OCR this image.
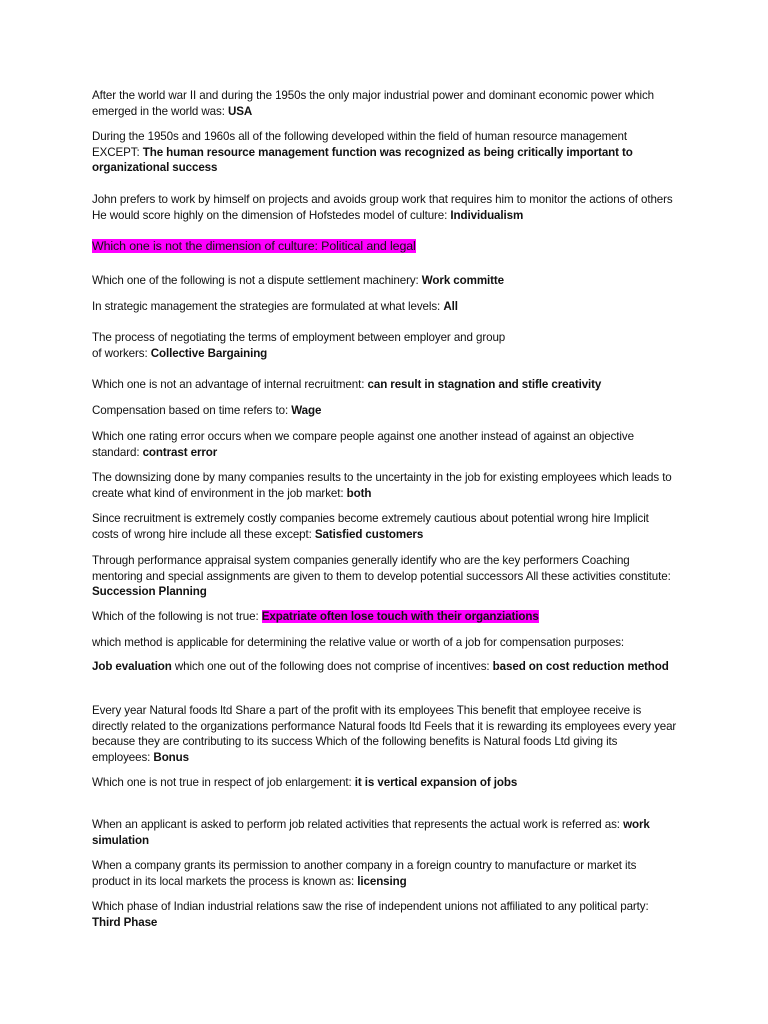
After the world war II and during the 1950s the only major industrial power and dominant economic power which emerged in the world was: USA

During the 1950s and 1960s all of the following developed within the field of human resource management EXCEPT: The human resource management function was recognized as being critically important to organizational success

John prefers to work by himself on projects and avoids group work that requires him to monitor the actions of others He would score highly on the dimension of Hofstedes model of culture: Individualism

Which one is not the dimension of culture: Political and legal

Which one of the following is not a dispute settlement machinery: Work committe

In strategic management the strategies are formulated at what levels: All

The process of negotiating the terms of employment between employer and group
of workers: Collective Bargaining

Which one is not an advantage of internal recruitment: can result in stagnation and stifle creativity

Compensation based on time refers to: Wage

Which one rating error occurs when we compare people against one another instead of against an objective standard: contrast error

The downsizing done by many companies results to the uncertainty in the job for existing employees which leads to create what kind of environment in the job market: both

Since recruitment is extremely costly companies become extremely cautious about potential wrong hire Implicit costs of wrong hire include all these except: Satisfied customers

Through performance appraisal system companies generally identify who are the key performers Coaching mentoring and special assignments are given to them to develop potential successors All these activities constitute: Succession Planning

Which of the following is not true: Expatriate often lose touch with their organziations

which method is applicable for determining the relative value or worth of a job for compensation purposes:

Job evaluation which one out of the following does not comprise of incentives: based on cost reduction method

Every year Natural foods ltd Share a part of the profit with its employees This benefit that employee receive is directly related to the organizations performance Natural foods ltd Feels that it is rewarding its employees every year because they are contributing to its success Which of the following benefits is Natural foods Ltd giving its employees: Bonus

Which one is not true in respect of job enlargement: it is vertical expansion of jobs

When an applicant is asked to perform job related activities that represents the actual work is referred as: work simulation

When a company grants its permission to another company in a foreign country to manufacture or market its product in its local markets the process is known as: licensing

Which phase of Indian industrial relations saw the rise of independent unions not affiliated to any political party: Third Phase
